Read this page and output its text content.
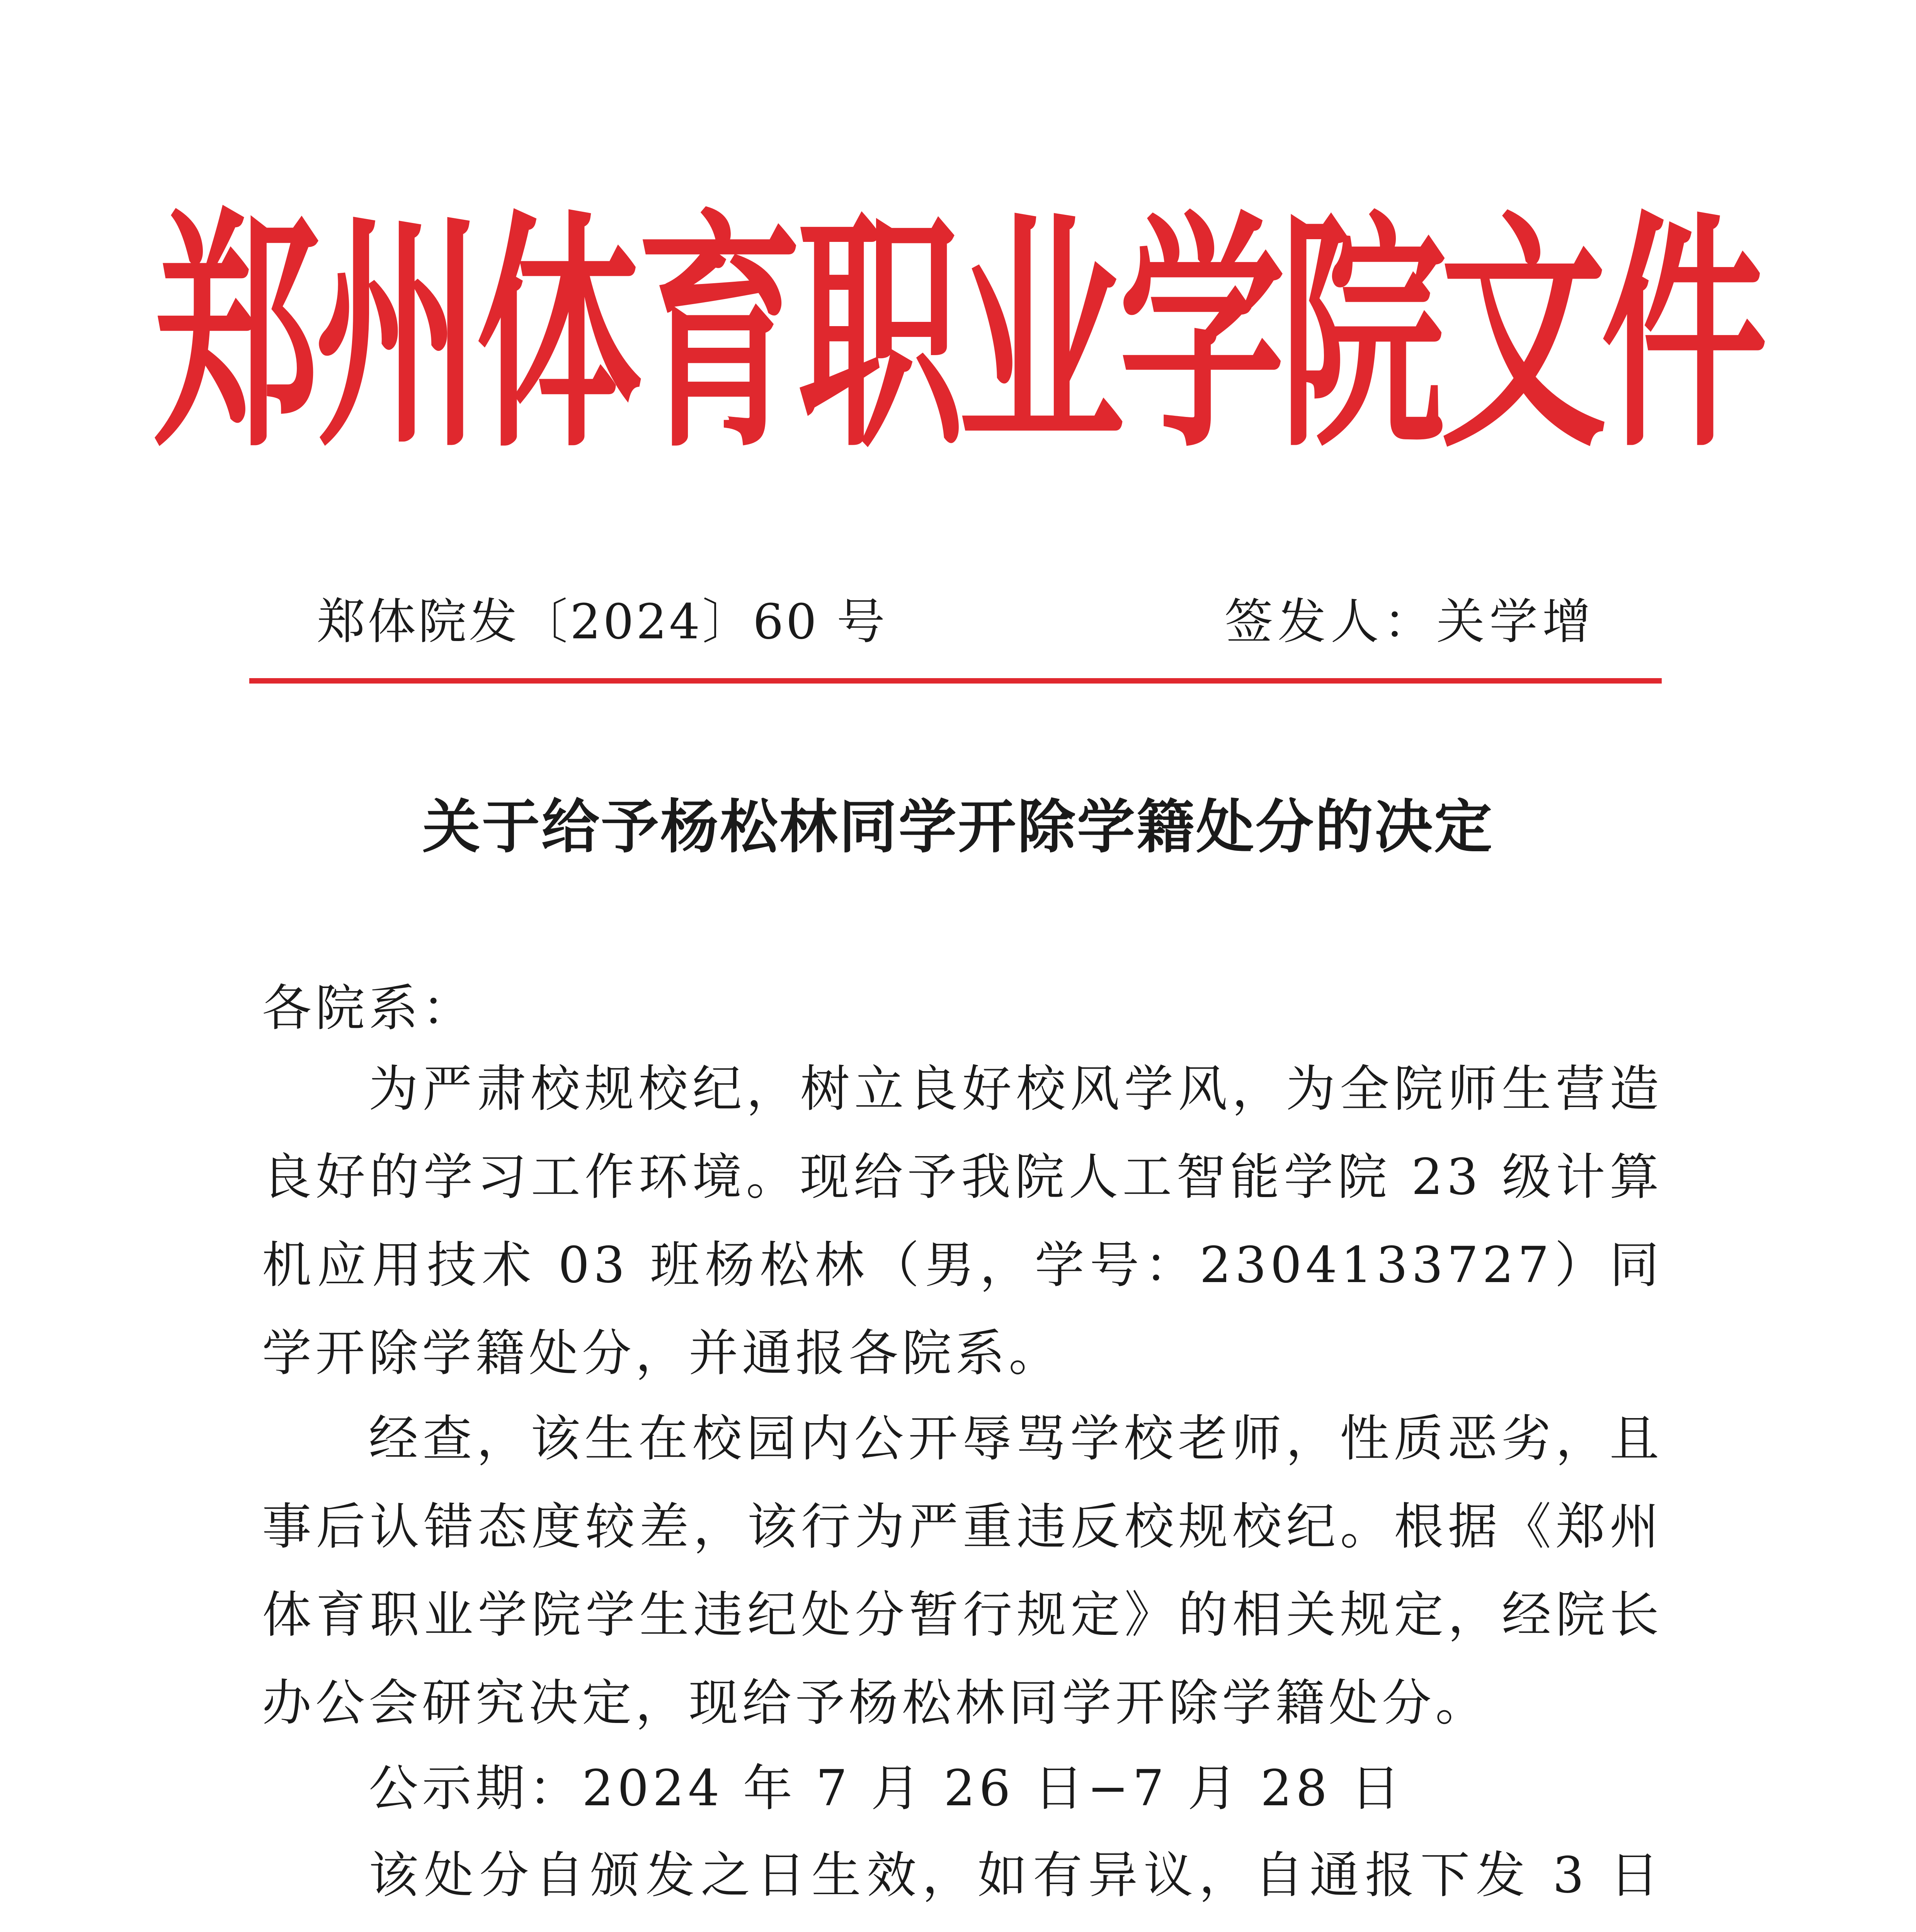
郑州体育职业学院文件
郑体院发〔2024〕60 号	签发人：关学增
关于给予杨松林同学开除学籍处分的决定
各院系：

为严肃校规校纪，树立良好校风学风，为全院师生营造良好的学习工作环境。现给予我院人工智能学院 23 级计算机应用技术 03 班杨松林（男，学号：2304133727）同学开除学籍处分，并通报各院系。

经查，该生在校园内公开辱骂学校老师，性质恶劣，且事后认错态度较差，该行为严重违反校规校纪。根据《郑州体育职业学院学生违纪处分暂行规定》的相关规定，经院长办公会研究决定，现给予杨松林同学开除学籍处分。

公示期：2024 年 7 月 26 日−7 月 28 日

该处分自颁发之日生效，如有异议，自通报下发 3 日
